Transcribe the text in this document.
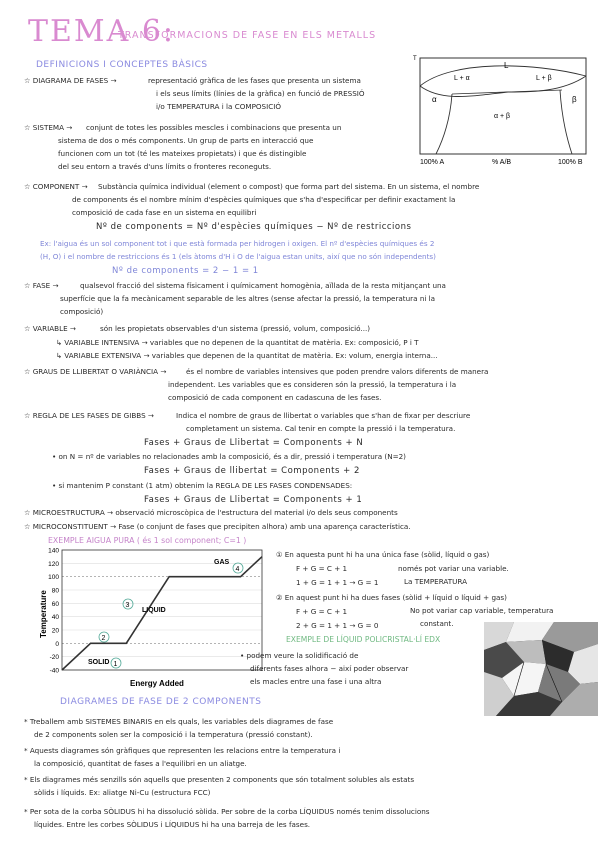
TEMA 6:
TRANSFORMACIONS DE FASE EN ELS METALLS
DEFINICIONS I CONCEPTES BÀSICS	L
L + α	L + β
α	β
α + β
T
100% A	% A/B	100% B
☆ DIAGRAMA DE FASES →	representació gràfica de les fases que presenta un sistema
i els seus límits (línies de la gràfica) en funció de PRESSIÓ
i/o TEMPERATURA i la COMPOSICIÓ
☆ SISTEMA → conjunt de totes les possibles mescles i combinacions que presenta un
sistema de dos o més components. Un grup de parts en interacció que
funcionen com un tot (té les mateixes propietats) i que és distingible
del seu entorn a través d'uns límits o fronteres reconeguts.
☆ COMPONENT → Substància química individual (element o compost) que forma part del sistema. En un sistema, el nombre
de components és el nombre mínim d'espècies químiques que s'ha d'especificar per definir exactament la
composició de cada fase en un sistema en equilibri
Nº de components = Nº d'espècies químiques − Nº de restriccions
Ex: l'aigua és un sol component tot i que està formada per hidrogen i oxigen. El nº d'espècies químiques és 2
(H, O) i el nombre de restriccions és 1 (els àtoms d'H i O de l'aigua estan units, així que no són independents)
Nº de components = 2 − 1 = 1
☆ FASE →	qualsevol fracció del sistema físicament i químicament homogènia, aïllada de la resta mitjançant una
superfície que la fa mecànicament separable de les altres (sense afectar la pressió, la temperatura ni la
composició)
☆ VARIABLE →	són les propietats observables d'un sistema (pressió, volum, composició...)
↳ VARIABLE INTENSIVA → variables que no depenen de la quantitat de matèria. Ex: composició, P i T
↳ VARIABLE EXTENSIVA → variables que depenen de la quantitat de matèria. Ex: volum, energia interna...
☆ GRAUS DE LLIBERTAT O VARIÀNCIA →	és el nombre de variables intensives que poden prendre valors diferents de manera
independent. Les variables que es consideren són la pressió, la temperatura i la
composició de cada component en cadascuna de les fases.
☆ REGLA DE LES FASES DE GIBBS →	Indica el nombre de graus de llibertat o variables que s'han de fixar per descriure
completament un sistema. Cal tenir en compte la pressió i la temperatura.
Fases + Graus de Llibertat = Components + N
• on N = nº de variables no relacionades amb la composició, és a dir, pressió i temperatura (N=2)
Fases + Graus de llibertat = Components + 2
• si mantenim P constant (1 atm) obtenim la REGLA DE LES FASES CONDENSADES:
Fases + Graus de Llibertat = Components + 1
☆ MICROESTRUCTURA → observació microscòpica de l'estructura del material i/o dels seus components
☆ MICROCONSTITUENT → Fase (o conjunt de fases que precipiten alhora) amb una aparença característica.
EXEMPLE AIGUA PURA ( és 1 sol component; C=1 )
-40
-20
0
20
40
60
80
100
120
140
Temperature
Energy Added
SOLID
LIQUID
GAS
1
2
3
4
① En aquesta punt hi ha una única fase (sòlid, líquid o gas)
F + G = C + 1
1 + G = 1 + 1 → G = 1
només pot variar una variable.
La TEMPERATURA
② En aquest punt hi ha dues fases (sòlid + líquid o líquid + gas)
F + G = C + 1
2 + G = 1 + 1 → G = 0
No pot variar cap variable, temperatura
constant.
EXEMPLE DE LÍQUID POLICRISTAL·LÍ EDX
• podem veure la solidificació de
diferents fases alhora − així poder observar
els macles entre una fase i una altra
DIAGRAMES DE FASE DE 2 COMPONENTS
* Treballem amb SISTEMES BINARIS en els quals, les variables dels diagrames de fase
de 2 components solen ser la composició i la temperatura (pressió constant).
* Aquests diagrames són gràfiques que representen les relacions entre la temperatura i
la composició, quantitat de fases a l'equilibri en un aliatge.
* Els diagrames més senzills són aquells que presenten 2 components que són totalment solubles als estats
sòlids i líquids. Ex: aliatge Ni-Cu (estructura FCC)
* Per sota de la corba SÒLIDUS hi ha dissolució sòlida. Per sobre de la corba LÍQUIDUS només tenim dissolucions
líquides. Entre les corbes SÒLIDUS i LÍQUIDUS hi ha una barreja de les fases.
